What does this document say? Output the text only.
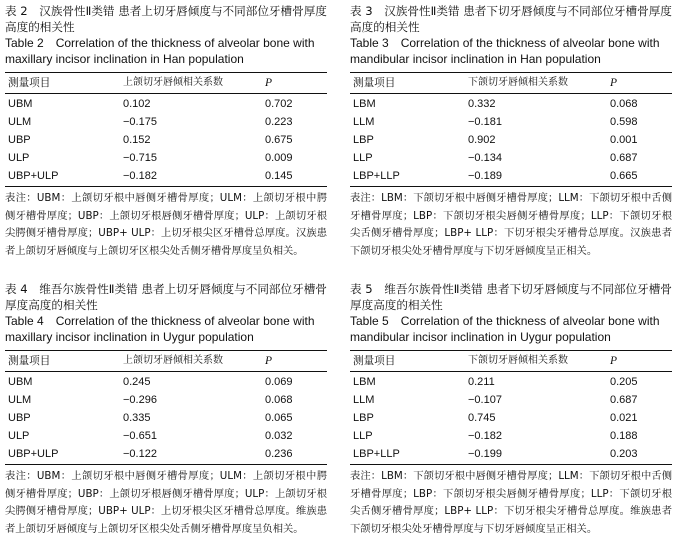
表 2　汉族骨性Ⅱ类错 患者上切牙唇倾度与不同部位牙槽骨厚度高度的相关性

Table 2　Correlation of the thickness of alveolar bone with maxillary incisor inclination in Han population

测量项目	上颌切牙唇倾相关系数	P
UBM	0.102	0.702
ULM	−0.175	0.223
UBP	0.152	0.675
ULP	−0.715	0.009
UBP+ULP	−0.182	0.145
表注：UBM：上颌切牙根中唇侧牙槽骨厚度；ULM：上颌切牙根中腭侧牙槽骨厚度；UBP：上颌切牙根唇侧牙槽骨厚度；ULP：上颌切牙根尖腭侧牙槽骨厚度；UBP+ ULP：上切牙根尖区牙槽骨总厚度。汉族患者上颌切牙唇倾度与上颌切牙区根尖处舌侧牙槽骨厚度呈负相关。

表 3　汉族骨性Ⅱ类错 患者下切牙唇倾度与不同部位牙槽骨厚度高度的相关性

Table 3　Correlation of the thickness of alveolar bone with mandibular incisor inclination in Han population

测量项目	下颌切牙唇倾相关系数	P
LBM	0.332	0.068
LLM	−0.181	0.598
LBP	0.902	0.001
LLP	−0.134	0.687
LBP+LLP	−0.189	0.665
表注：LBM：下颌切牙根中唇侧牙槽骨厚度；LLM：下颌切牙根中舌侧牙槽骨厚度；LBP：下颌切牙根尖唇侧牙槽骨厚度；LLP：下颌切牙根尖舌侧牙槽骨厚度；LBP+ LLP：下切牙根尖牙槽骨总厚度。汉族患者下颌切牙根尖处牙槽骨厚度与下切牙唇倾度呈正相关。

表 4　维吾尔族骨性Ⅱ类错 患者上切牙唇倾度与不同部位牙槽骨厚度高度的相关性

Table 4　Correlation of the thickness of alveolar bone with maxillary incisor inclination in Uygur population

测量项目	上颌切牙唇倾相关系数	P
UBM	0.245	0.069
ULM	−0.296	0.068
UBP	0.335	0.065
ULP	−0.651	0.032
UBP+ULP	−0.122	0.236
表注：UBM：上颌切牙根中唇侧牙槽骨厚度；ULM：上颌切牙根中腭侧牙槽骨厚度；UBP：上颌切牙根唇侧牙槽骨厚度；ULP：上颌切牙根尖腭侧牙槽骨厚度；UBP+ ULP：上切牙根尖区牙槽骨总厚度。维族患者上颌切牙唇倾度与上颌切牙区根尖处舌侧牙槽骨厚度呈负相关。

表 5　维吾尔族骨性Ⅱ类错 患者下切牙唇倾度与不同部位牙槽骨厚度高度的相关性

Table 5　Correlation of the thickness of alveolar bone with mandibular incisor inclination in Uygur population

测量项目	下颌切牙唇倾相关系数	P
LBM	0.211	0.205
LLM	−0.107	0.687
LBP	0.745	0.021
LLP	−0.182	0.188
LBP+LLP	−0.199	0.203
表注：LBM：下颌切牙根中唇侧牙槽骨厚度；LLM：下颌切牙根中舌侧牙槽骨厚度；LBP：下颌切牙根尖唇侧牙槽骨厚度；LLP：下颌切牙根尖舌侧牙槽骨厚度；LBP+ LLP：下切牙根尖牙槽骨总厚度。维族患者下颌切牙根尖处牙槽骨厚度与下切牙唇倾度呈正相关。
